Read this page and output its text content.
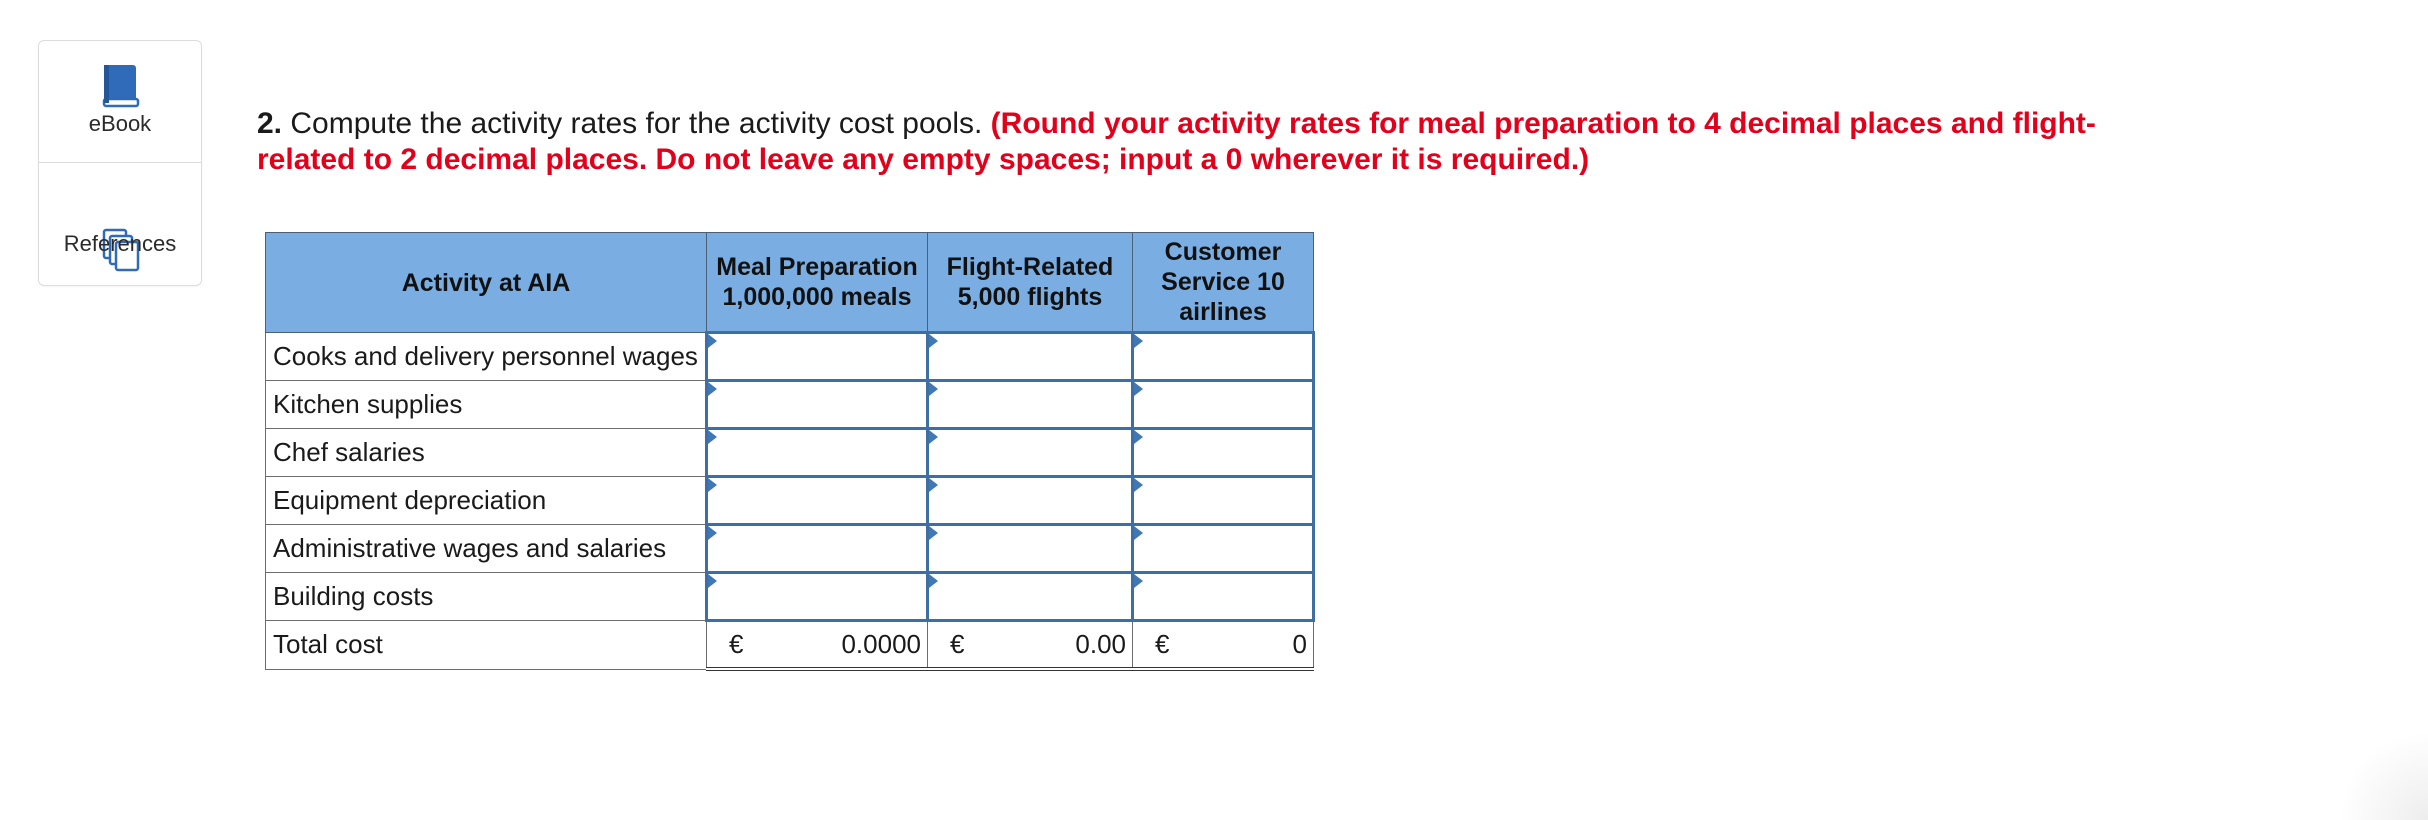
eBook
References
2. Compute the activity rates for the activity cost pools. (Round your activity rates for meal preparation to 4 decimal places and flight-related to 2 decimal places. Do not leave any empty spaces; input a 0 wherever it is required.)
Activity at AIA	Meal Preparation 1,000,000 meals	Flight-Related 5,000 flights	Customer Service 10 airlines
Cooks and delivery personnel wages			
Kitchen supplies			
Chef salaries			
Equipment depreciation			
Administrative wages and salaries			
Building costs			
Total cost	€ 0.0000	€ 0.00	€ 0
